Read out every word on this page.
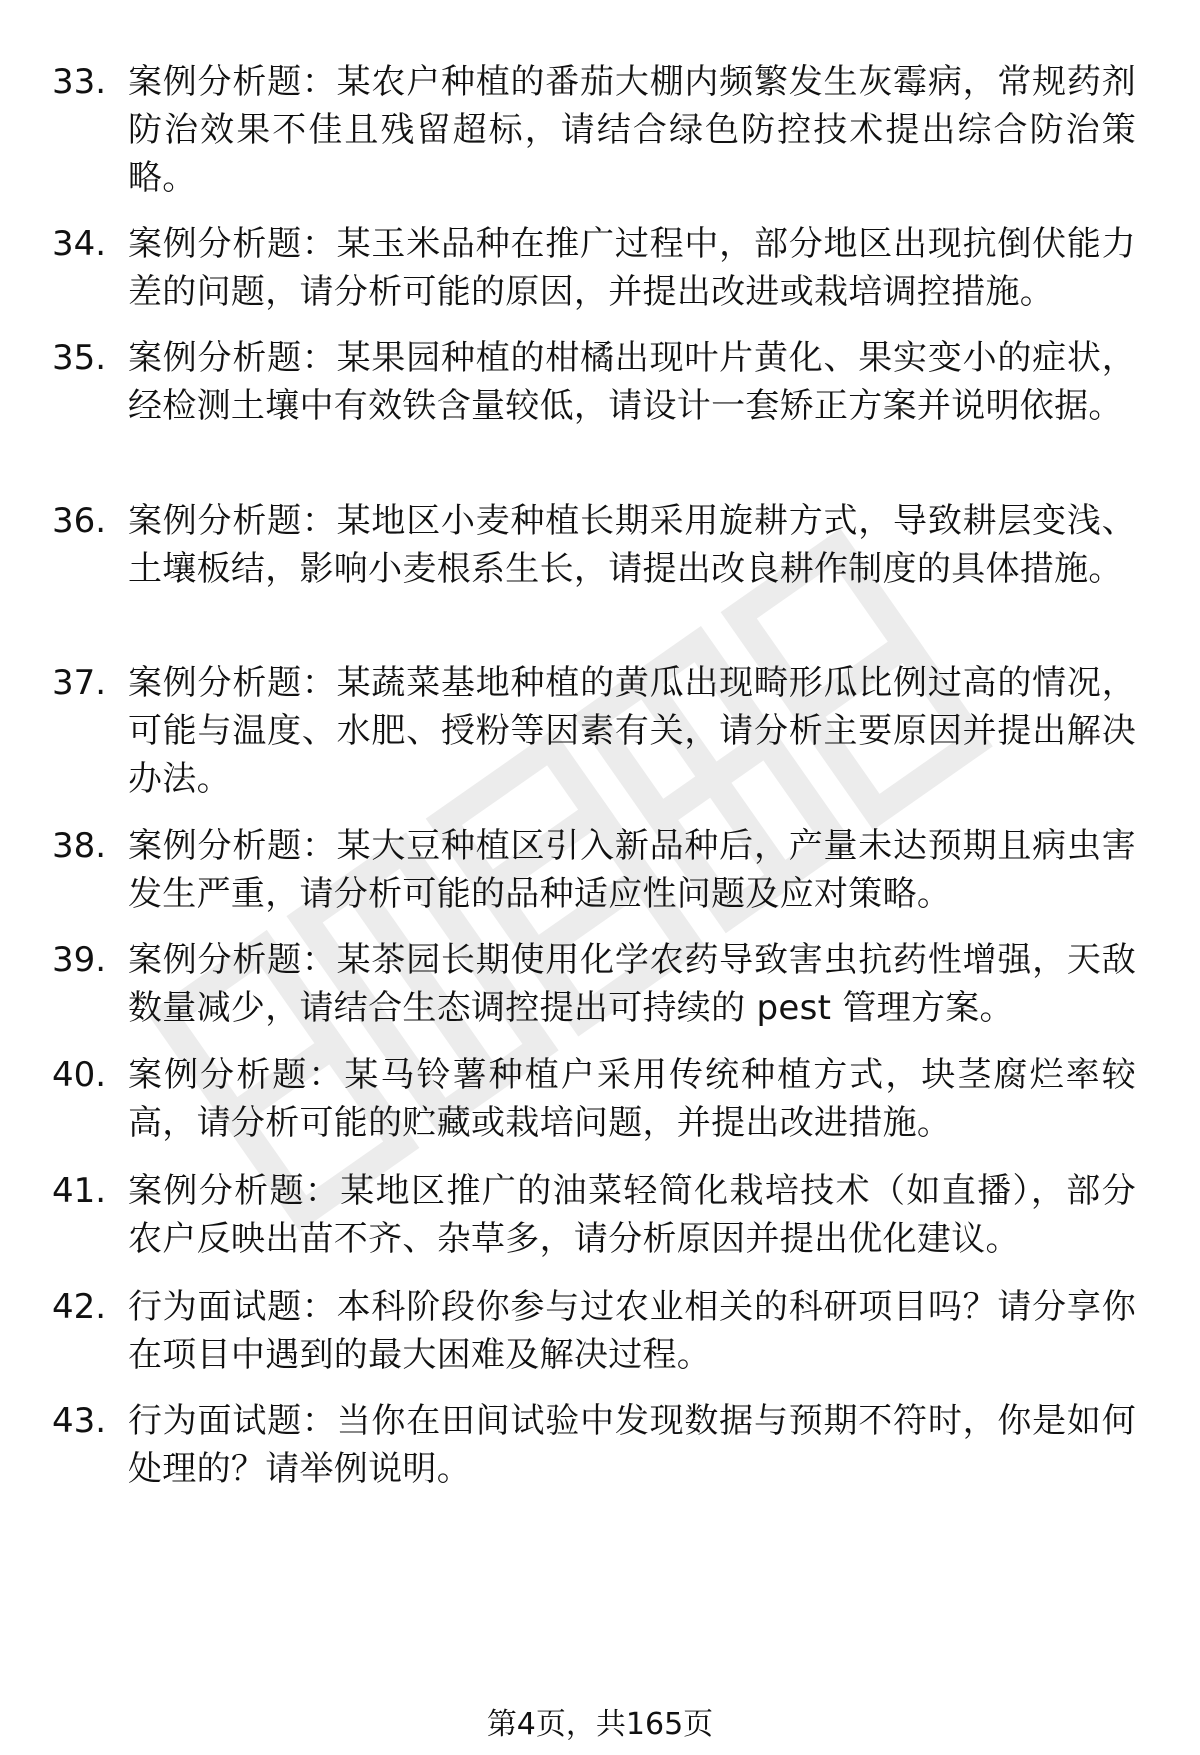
33. 案例分析题：某农户种植的番茄大棚内频繁发生灰霉病，常规药剂防治效果不佳且残留超标，请结合绿色防控技术提出综合防治策略。
34. 案例分析题：某玉米品种在推广过程中，部分地区出现抗倒伏能力差的问题，请分析可能的原因，并提出改进或栽培调控措施。
35. 案例分析题：某果园种植的柑橘出现叶片黄化、果实变小的症状，经检测土壤中有效铁含量较低，请设计一套矫正方案并说明依据。
36. 案例分析题：某地区小麦种植长期采用旋耕方式，导致耕层变浅、土壤板结，影响小麦根系生长，请提出改良耕作制度的具体措施。
37. 案例分析题：某蔬菜基地种植的黄瓜出现畸形瓜比例过高的情况，可能与温度、水肥、授粉等因素有关，请分析主要原因并提出解决办法。
38. 案例分析题：某大豆种植区引入新品种后，产量未达预期且病虫害发生严重，请分析可能的品种适应性问题及应对策略。
39. 案例分析题：某茶园长期使用化学农药导致害虫抗药性增强，天敌数量减少，请结合生态调控提出可持续的 pest 管理方案。
40. 案例分析题：某马铃薯种植户采用传统种植方式，块茎腐烂率较高，请分析可能的贮藏或栽培问题，并提出改进措施。
41. 案例分析题：某地区推广的油菜轻简化栽培技术（如直播），部分农户反映出苗不齐、杂草多，请分析原因并提出优化建议。
42. 行为面试题：本科阶段你参与过农业相关的科研项目吗？请分享你在项目中遇到的最大困难及解决过程。
43. 行为面试题：当你在田间试验中发现数据与预期不符时，你是如何处理的？请举例说明。
第4页，共165页
